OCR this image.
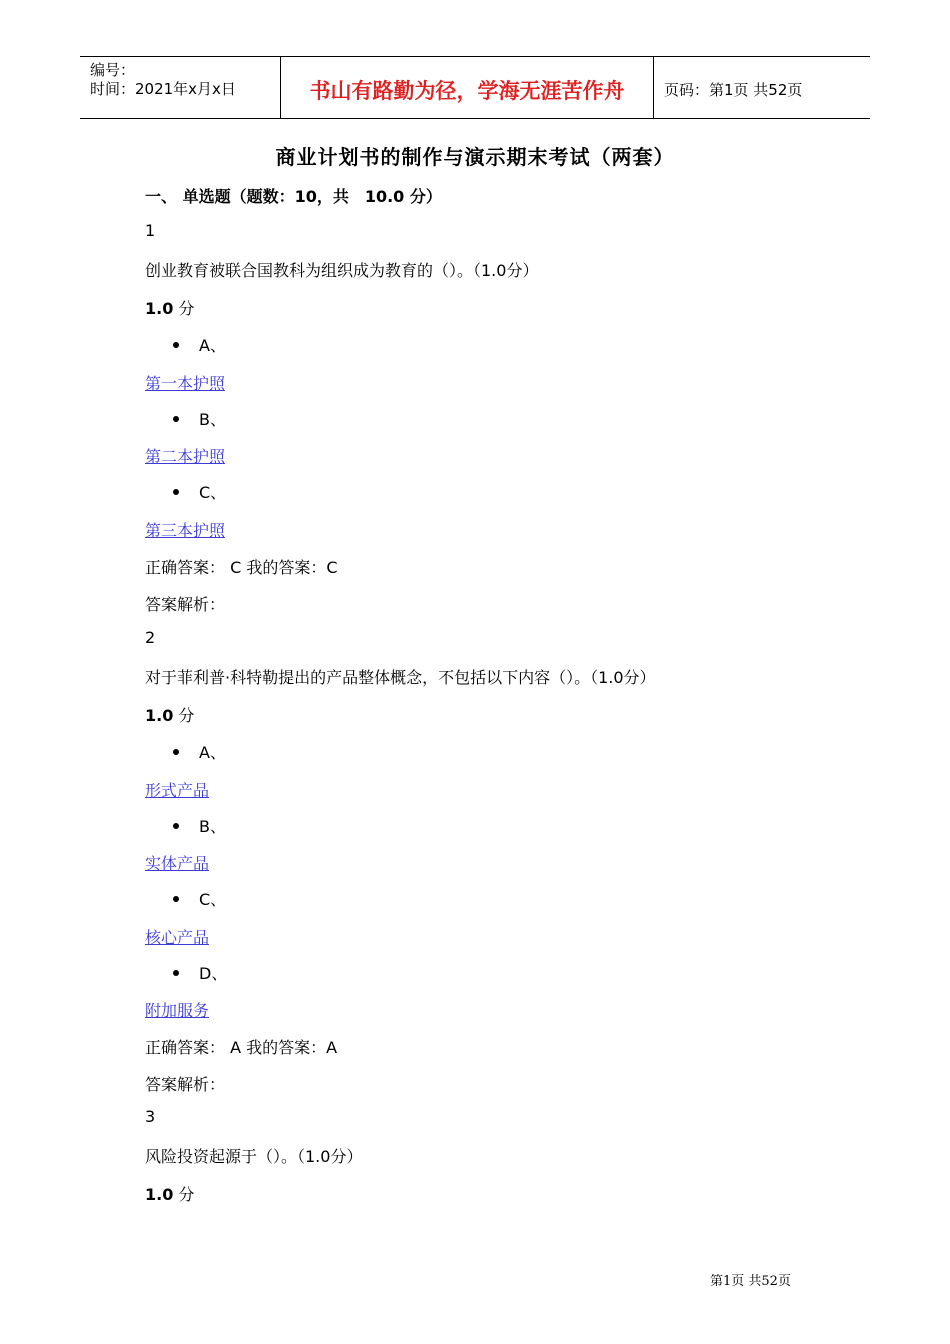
编号：
时间：2021年x月x日	书山有路勤为径，学海无涯苦作舟	页码：第1页 共52页
商业计划书的制作与演示期末考试（两套）
一、 单选题（题数：10，共　10.0 分）
1
创业教育被联合国教科为组织成为教育的（）。（1.0分）
1.0 分
A、
第一本护照
B、
第二本护照
C、
第三本护照
正确答案： C 我的答案：C
答案解析：
2
对于菲利普·科特勒提出的产品整体概念，不包括以下内容（）。（1.0分）
1.0 分
A、
形式产品
B、
实体产品
C、
核心产品
D、
附加服务
正确答案： A 我的答案：A
答案解析：
3
风险投资起源于（）。（1.0分）
1.0 分
第1页 共52页
